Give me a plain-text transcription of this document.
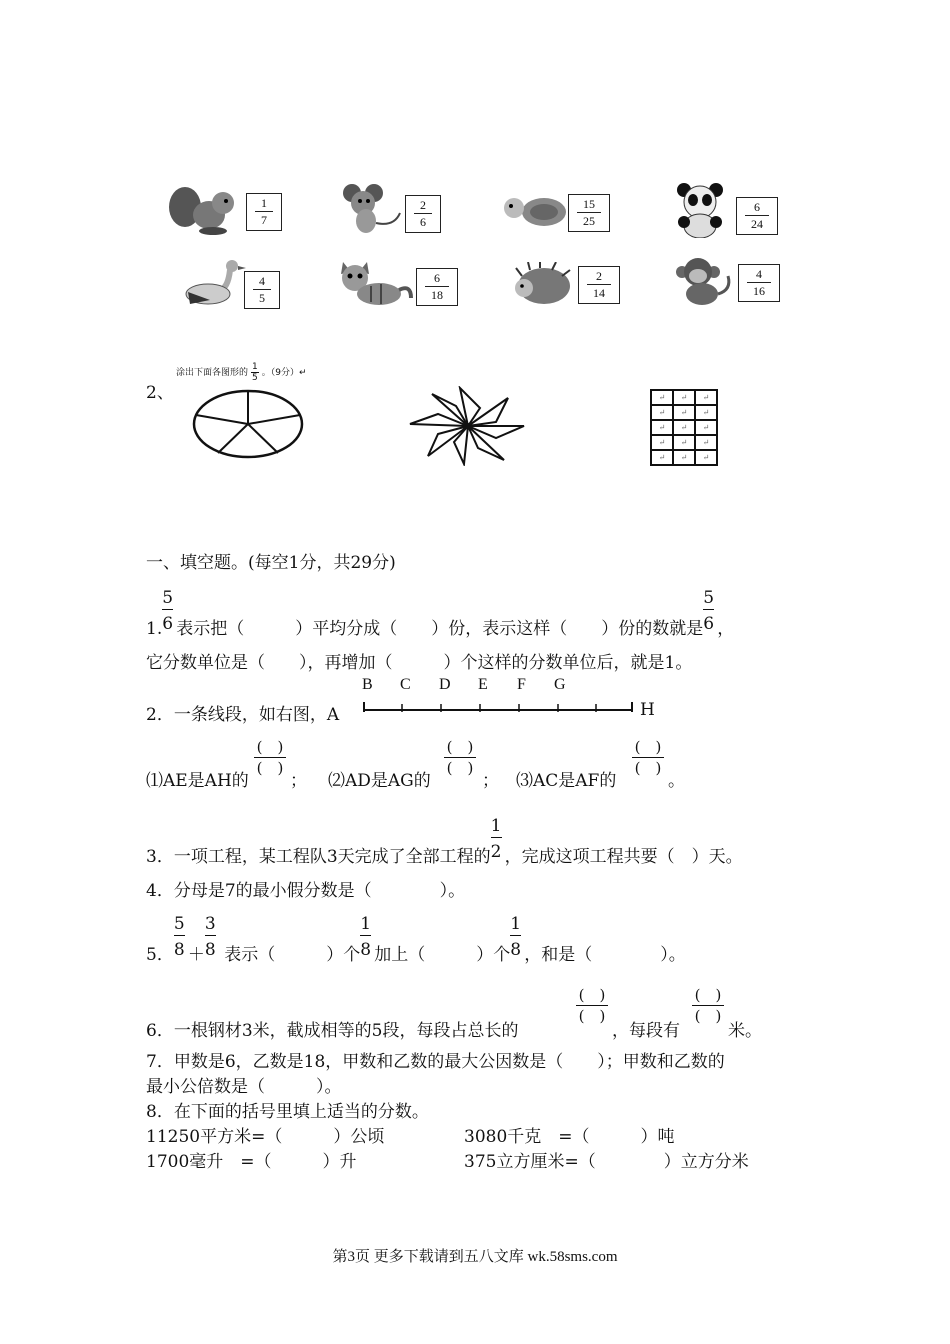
1
7
2
6
15
25
6
24
4
5
6
18
2
14
4
16
涂出下面各图形的 $\frac{1}{5}$ 。（9分）↵
2、	↵	↵	↵
↵	↵	↵
↵	↵	↵
↵	↵	↵
↵	↵	↵
一、填空题。(每空1分，共29分)
1. $\frac{5}{6}$ 表示把（　　　）平均分成（　　）份，表示这样（　　）份的数就是 $\frac{5}{6}$ ，
它分数单位是（　　），再增加（　　　）个这样的分数单位后，就是1。
B C D E F G
2．一条线段，如右图，A	H
⑴AE是AH的
(　)
(　)
； ⑵AD是AG的
(　)
(　)
； ⑶AC是AF的
(　)
(　)
。
3．一项工程，某工程队3天完成了全部工程的 $\frac{1}{2}$ ，完成这项工程共要（　）天。
4．分母是7的最小假分数是（　　　　）。
5． $\frac{5}{8} + \frac{3}{8}$ 表示（　　　）个 $\frac{1}{8}$ 加上（　　　）个 $\frac{1}{8}$ ，和是（　　　　）。
6．一根钢材3米，截成相等的5段，每段占总长的
(　)
(　)
，每段有
(　)
(　)
米。
7．甲数是6，乙数是18，甲数和乙数的最大公因数是（　　）；甲数和乙数的
最小公倍数是（　　　）。
8．在下面的括号里填上适当的分数。
11250平方米=（　　　）公顷	3080千克　=（　　　）吨
1700毫升　=（　　　）升	375立方厘米=（　　　　）立方分米
第3页 更多下载请到五八文库 wk.58sms.com
